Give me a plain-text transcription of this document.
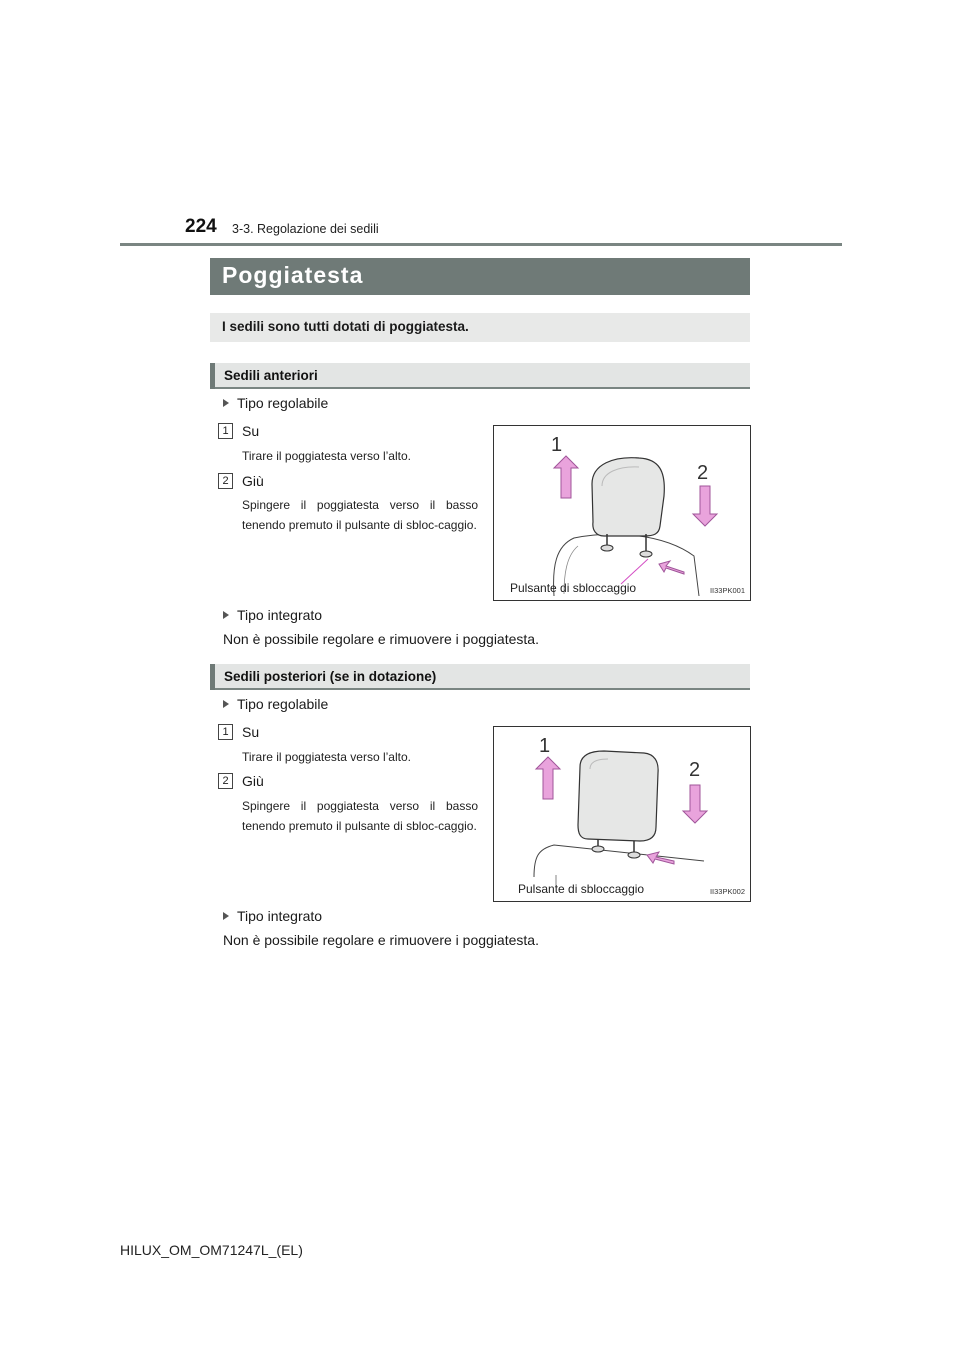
224 3-3. Regolazione dei sedili
Poggiatesta
I sedili sono tutti dotati di poggiatesta.
Sedili anteriori
Tipo regolabile
1 Su
Tirare il poggiatesta verso l’alto.
2 Giù
Spingere il poggiatesta verso il basso tenendo premuto il pulsante di sbloc-caggio.
1
2
Pulsante di sbloccaggio	II33PK001
Tipo integrato
Non è possibile regolare e rimuovere i poggiatesta.
Sedili posteriori (se in dotazione)
Tipo regolabile
1 Su
Tirare il poggiatesta verso l’alto.
2 Giù
Spingere il poggiatesta verso il basso tenendo premuto il pulsante di sbloc-caggio.
1
2
Pulsante di sbloccaggio	II33PK002
Tipo integrato
Non è possibile regolare e rimuovere i poggiatesta.
HILUX_OM_OM71247L_(EL)
